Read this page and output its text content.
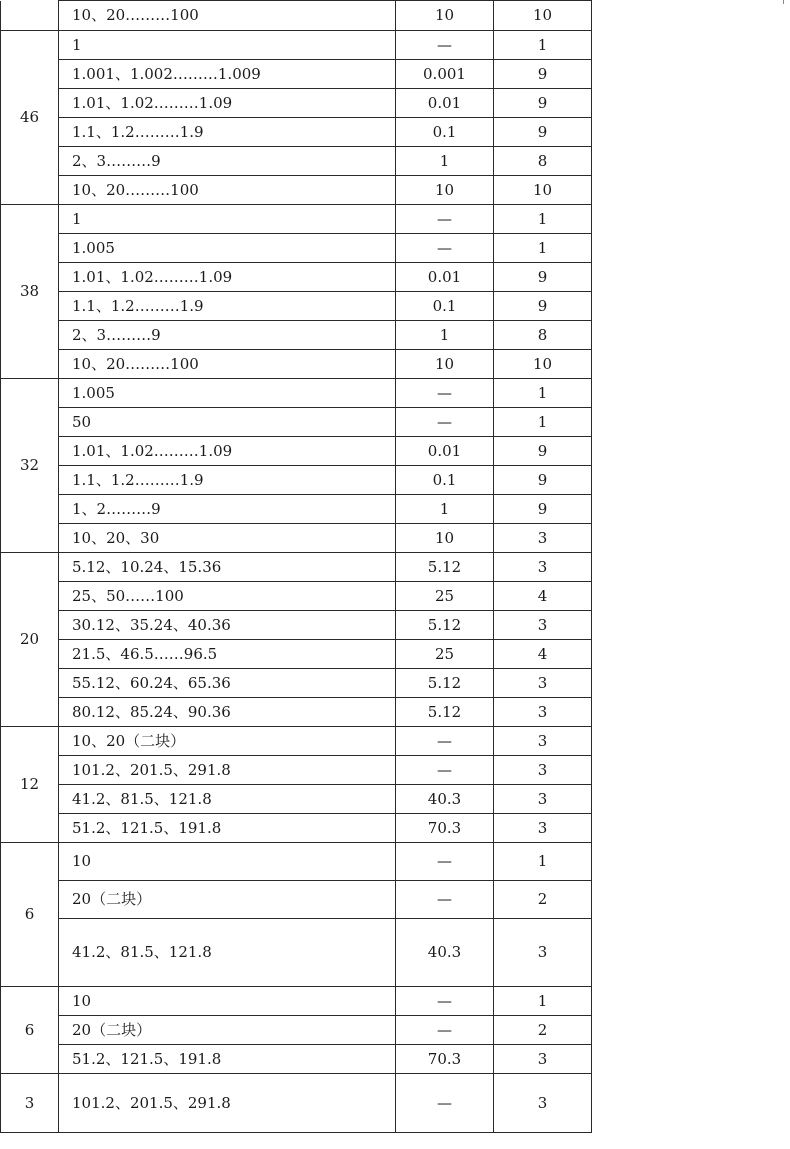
	10、20………100	10	10
46	1	—	1
	1.001、1.002………1.009	0.001	9
	1.01、1.02………1.09	0.01	9
	1.1、1.2………1.9	0.1	9
	2、3………9	1	8
	10、20………100	10	10
38	1	—	1
	1.005	—	1
	1.01、1.02………1.09	0.01	9
	1.1、1.2………1.9	0.1	9
	2、3………9	1	8
	10、20………100	10	10
32	1.005	—	1
	50	—	1
	1.01、1.02………1.09	0.01	9
	1.1、1.2………1.9	0.1	9
	1、2………9	1	9
	10、20、30	10	3
20	5.12、10.24、15.36	5.12	3
	25、50……100	25	4
	30.12、35.24、40.36	5.12	3
	21.5、46.5……96.5	25	4
	55.12、60.24、65.36	5.12	3
	80.12、85.24、90.36	5.12	3
12	10、20（二块）	—	3
	101.2、201.5、291.8	—	3
	41.2、81.5、121.8	40.3	3
	51.2、121.5、191.8	70.3	3
6	10	—	1
	20（二块）	—	2
	41.2、81.5、121.8	40.3	3
6	10	—	1
	20（二块）	—	2
	51.2、121.5、191.8	70.3	3
3	101.2、201.5、291.8	—	3
